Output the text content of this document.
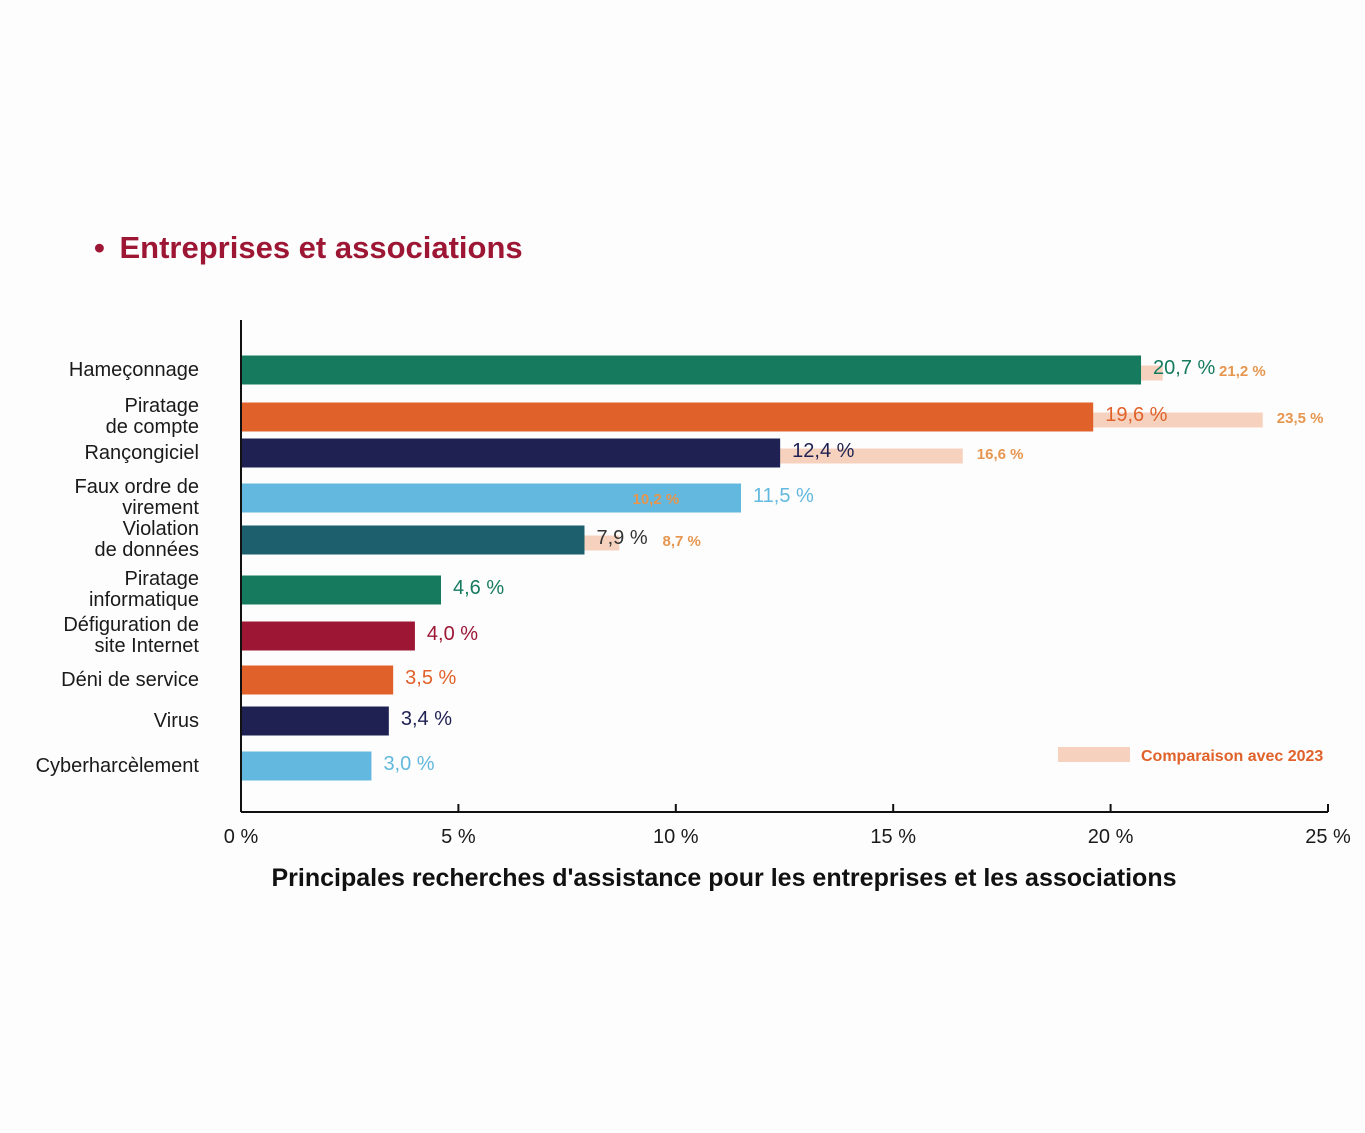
• Entreprises et associations
20,7 %
19,6 %
12,4 %
11,5 %
7,9 %
4,6 %
4,0 %
3,5 %
3,4 %
3,0 %
Hameçonnage
Piratage de compte
Rançongiciel
Faux ordre de virement
Violation de données
Piratage informatique
Défiguration de site Internet
Déni de service
Virus
Cyberharcèlement
0 %	5 %	10 %	15 %	20 %	25 %
Comparaison avec 2023
Principales recherches d'assistance pour les entreprises et les associations
21,2 %
23,5 %
16,6 %
10,2 %
8,7 %
